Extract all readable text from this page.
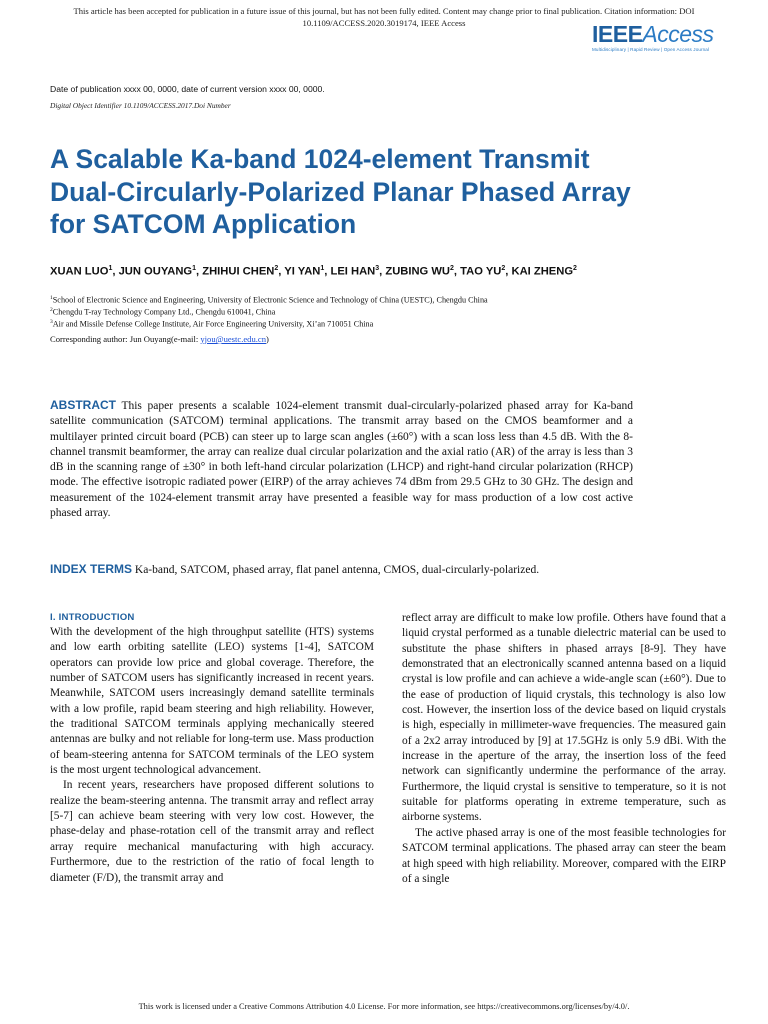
This article has been accepted for publication in a future issue of this journal, but has not been fully edited. Content may change prior to final publication. Citation information: DOI
10.1109/ACCESS.2020.3019174, IEEE Access	IEEEAccess
Multidisciplinary | Rapid Review | Open Access Journal
Date of publication xxxx 00, 0000, date of current version xxxx 00, 0000.
Digital Object Identifier 10.1109/ACCESS.2017.Doi Number
A Scalable Ka-band 1024-element Transmit
Dual-Circularly-Polarized Planar Phased Array
for SATCOM Application
XUAN LUO$^1$, JUN OUYANG$^1$, ZHIHUI CHEN$^2$, YI YAN$^1$, LEI HAN$^3$, ZUBING $WU^2$, TAO $YU^2$, KAI ZHENG$^2$
$^1$School of Electronic Science and Engineering, University of Electronic Science and Technology of China (UESTC), Chengdu China
$^2$Chengdu T-ray Technology Company Ltd., Chengdu 610041, China
$^3$Air and Missile Defense College Institute, Air Force Engineering University, Xi’an 710051 China
Corresponding author: Jun Ouyang(e-mail: yjou@uestc.edu.cn)

ABSTRACT This paper presents a scalable 1024-element transmit dual-circularly-polarized phased array for Ka-band satellite communication (SATCOM) terminal applications. The transmit array based on the CMOS beamformer and a multilayer printed circuit board (PCB) can steer up to large scan angles (±60°) with a scan loss less than 4.5 dB. With the 8-channel transmit beamformer, the array can realize dual circular polarization and the axial ratio (AR) of the array is less than 3 dB in the scanning range of ±30° in both left-hand circular polarization (LHCP) and right-hand circular polarization (RHCP) mode. The effective isotropic radiated power (EIRP) of the array achieves 74 dBm from 29.5 GHz to 30 GHz. The design and measurement of the 1024-element transmit array have presented a feasible way for mass production of a low cost active phased array.

INDEX TERMS Ka-band, SATCOM, phased array, flat panel antenna, CMOS, dual-circularly-polarized.

I. INTRODUCTION

With the development of the high throughput satellite (HTS) systems and low earth orbiting satellite (LEO) systems [1-4], SATCOM operators can provide low price and global coverage. Therefore, the number of SATCOM users has significantly increased in recent years. Meanwhile, SATCOM users increasingly demand satellite terminals with a low profile, rapid beam steering and high reliability. However, the traditional SATCOM terminals applying mechanically steered antennas are bulky and not reliable for long-term use. Mass production of beam-steering antenna for SATCOM terminals of the LEO system is the most urgent technological advancement.

In recent years, researchers have proposed different solutions to realize the beam-steering antenna. The transmit array and reflect array [5-7] can achieve beam steering with very low cost. However, the phase-delay and phase-rotation cell of the transmit array and reflect array require mechanical manufacturing with high accuracy. Furthermore, due to the restriction of the ratio of focal length to diameter (F/D), the transmit array and

reflect array are difficult to make low profile. Others have found that a liquid crystal performed as a tunable dielectric material can be used to substitute the phase shifters in phased arrays [8-9]. They have demonstrated that an electronically scanned antenna based on a liquid crystal is low profile and can achieve a wide-angle scan (±60°). Due to the ease of production of liquid crystals, this technology is also low cost. However, the insertion loss of the device based on liquid crystals is high, especially in millimeter-wave frequencies. The measured gain of a 2x2 array introduced by [9] at 17.5GHz is only 5.9 dBi. With the increase in the aperture of the array, the insertion loss of the feed network can significantly undermine the performance of the array. Furthermore, the liquid crystal is sensitive to temperature, so it is not suitable for platforms operating in extreme temperature, such as airborne systems.

The active phased array is one of the most feasible technologies for SATCOM terminal applications. The phased array can steer the beam at high speed with high reliability. Moreover, compared with the EIRP of a single

This work is licensed under a Creative Commons Attribution 4.0 License. For more information, see https://creativecommons.org/licenses/by/4.0/.
